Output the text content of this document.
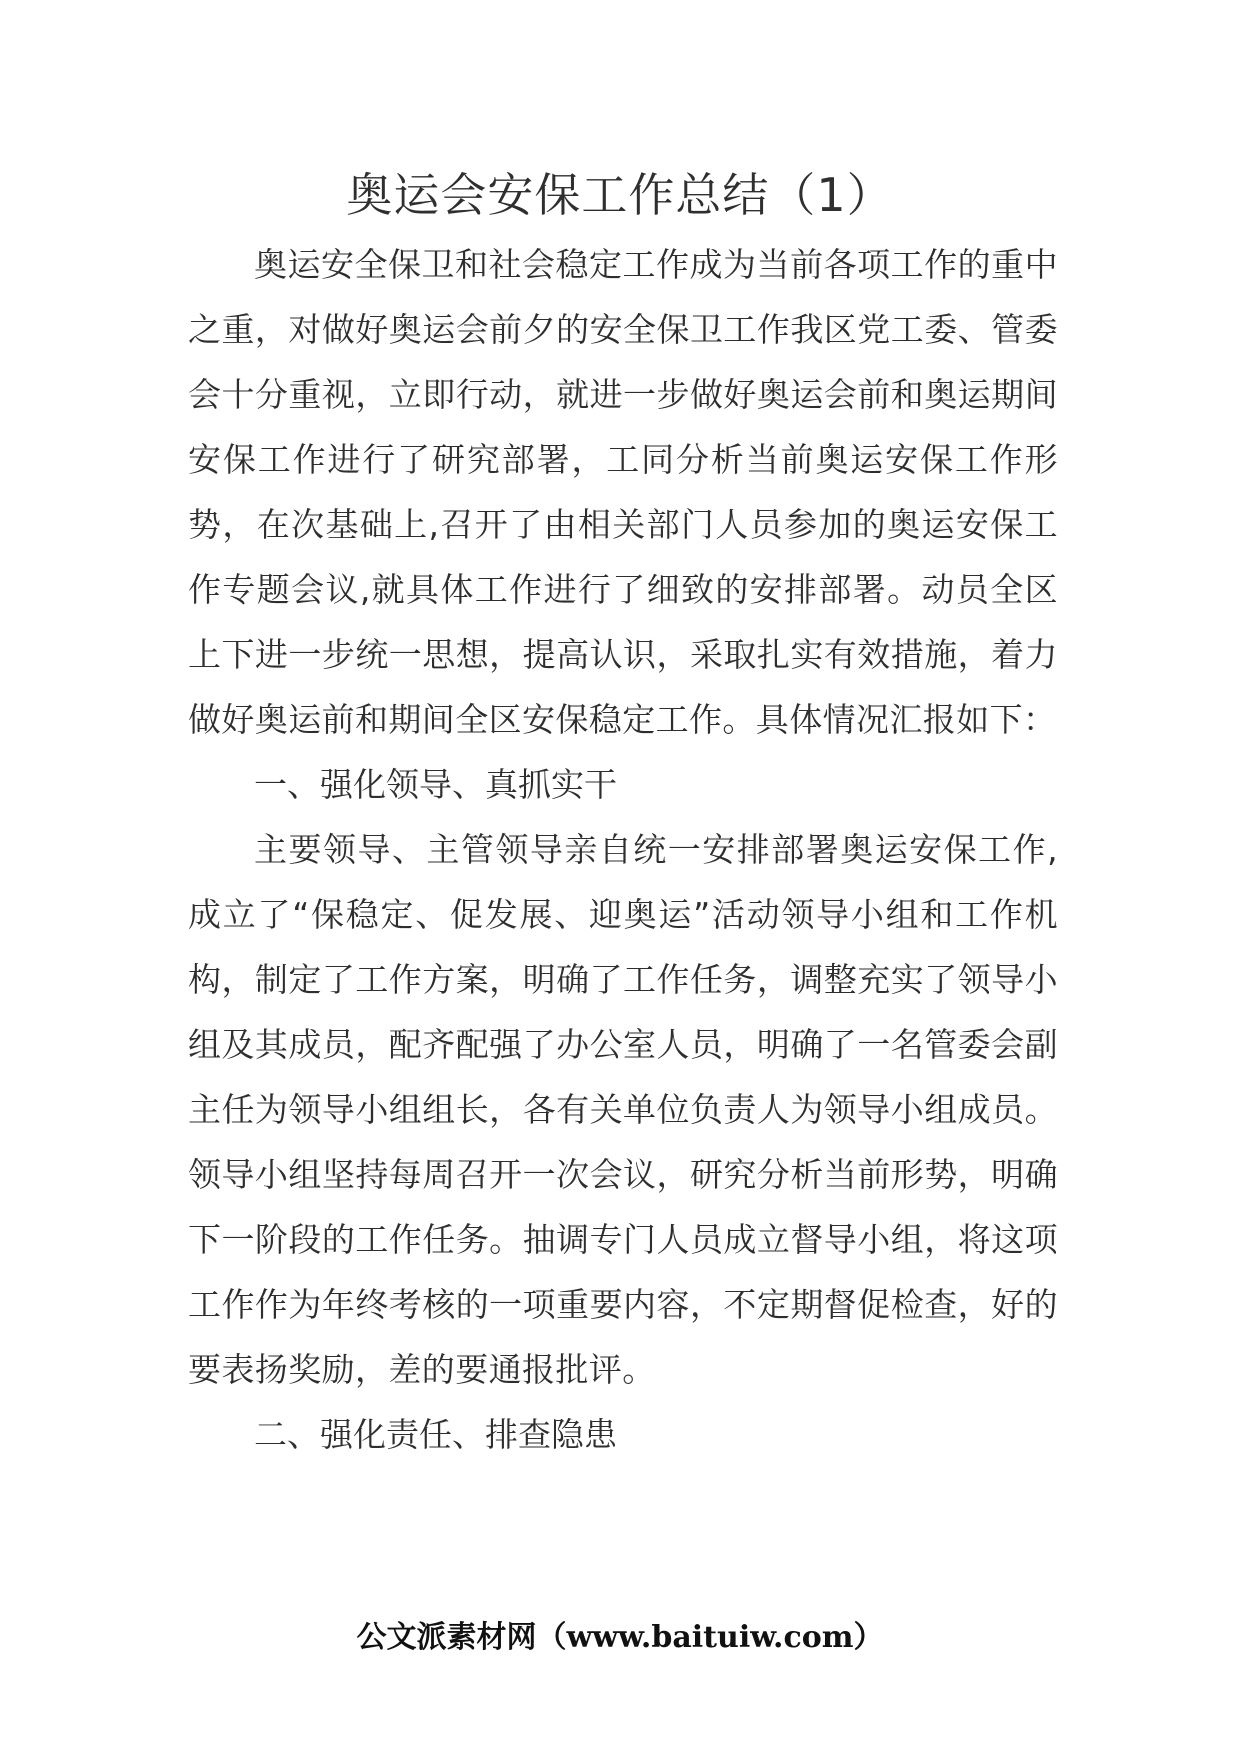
奥运会安保工作总结（1）

奥运安全保卫和社会稳定工作成为当前各项工作的重中之重，对做好奥运会前夕的安全保卫工作我区党工委、管委会十分重视，立即行动，就进一步做好奥运会前和奥运期间安保工作进行了研究部署，工同分析当前奥运安保工作形势，在次基础上,召开了由相关部门人员参加的奥运安保工作专题会议,就具体工作进行了细致的安排部署。动员全区上下进一步统一思想，提高认识，采取扎实有效措施，着力做好奥运前和期间全区安保稳定工作。具体情况汇报如下：

一、强化领导、真抓实干

主要领导、主管领导亲自统一安排部署奥运安保工作,成立了“保稳定、促发展、迎奥运”活动领导小组和工作机构，制定了工作方案，明确了工作任务，调整充实了领导小组及其成员，配齐配强了办公室人员，明确了一名管委会副主任为领导小组组长，各有关单位负责人为领导小组成员。领导小组坚持每周召开一次会议，研究分析当前形势，明确下一阶段的工作任务。抽调专门人员成立督导小组，将这项工作作为年终考核的一项重要内容，不定期督促检查，好的要表扬奖励，差的要通报批评。

二、强化责任、排查隐患

公文派素材网（www.baituiw.com）
